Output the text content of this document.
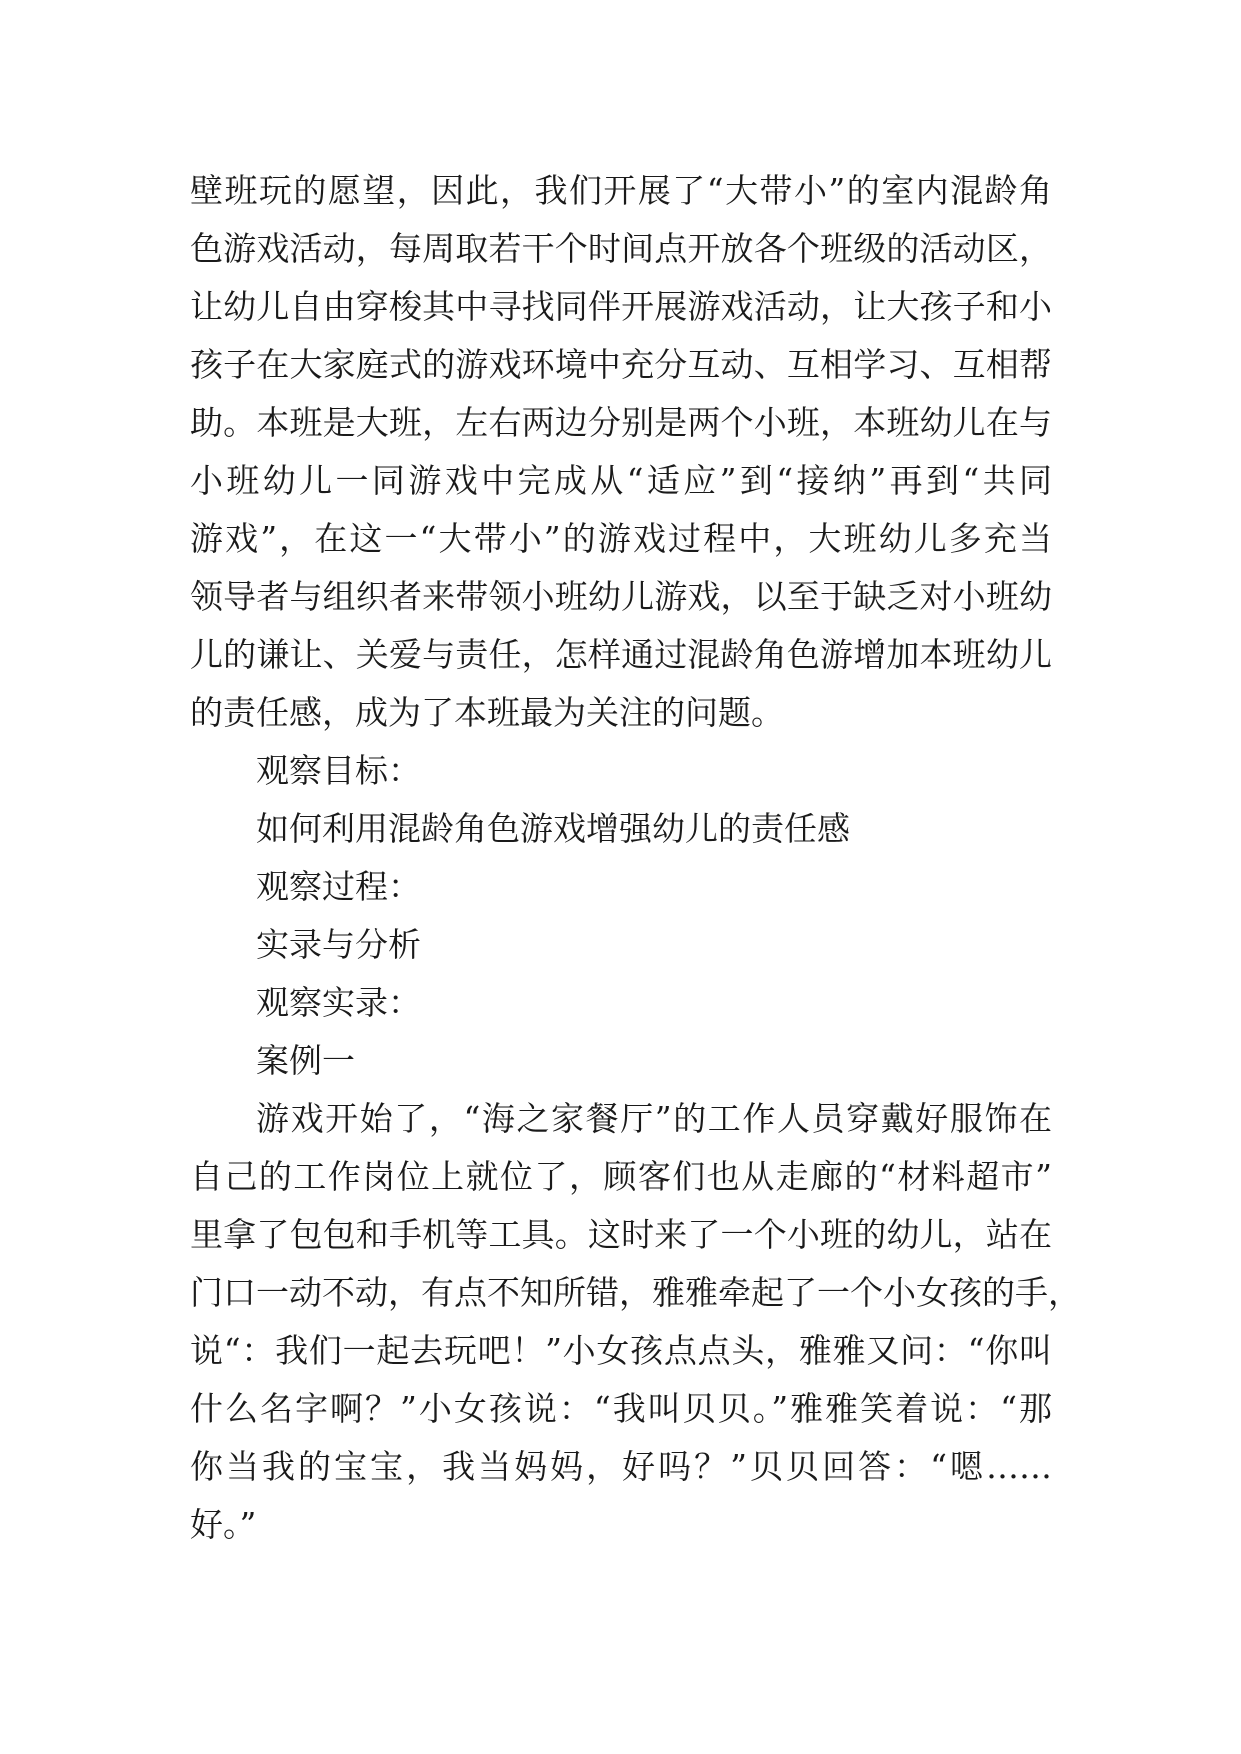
壁班玩的愿望，因此，我们开展了“大带小”的室内混龄角
色游戏活动，每周取若干个时间点开放各个班级的活动区，
让幼儿自由穿梭其中寻找同伴开展游戏活动，让大孩子和小
孩子在大家庭式的游戏环境中充分互动、互相学习、互相帮
助。本班是大班，左右两边分别是两个小班，本班幼儿在与
小班幼儿一同游戏中完成从“适应”到“接纳”再到“共同
游戏”，在这一“大带小”的游戏过程中，大班幼儿多充当
领导者与组织者来带领小班幼儿游戏，以至于缺乏对小班幼
儿的谦让、关爱与责任，怎样通过混龄角色游增加本班幼儿
的责任感，成为了本班最为关注的问题。
观察目标：
如何利用混龄角色游戏增强幼儿的责任感
观察过程：
实录与分析
观察实录：
案例一
游戏开始了，“海之家餐厅”的工作人员穿戴好服饰在
自己的工作岗位上就位了，顾客们也从走廊的“材料超市”
里拿了包包和手机等工具。这时来了一个小班的幼儿，站在
门口一动不动，有点不知所错，雅雅牵起了一个小女孩的手，
说“：我们一起去玩吧！”小女孩点点头，雅雅又问：“你叫
什么名字啊？”小女孩说：“我叫贝贝。”雅雅笑着说：“那
你当我的宝宝，我当妈妈，好吗？”贝贝回答：“嗯……
好。”
